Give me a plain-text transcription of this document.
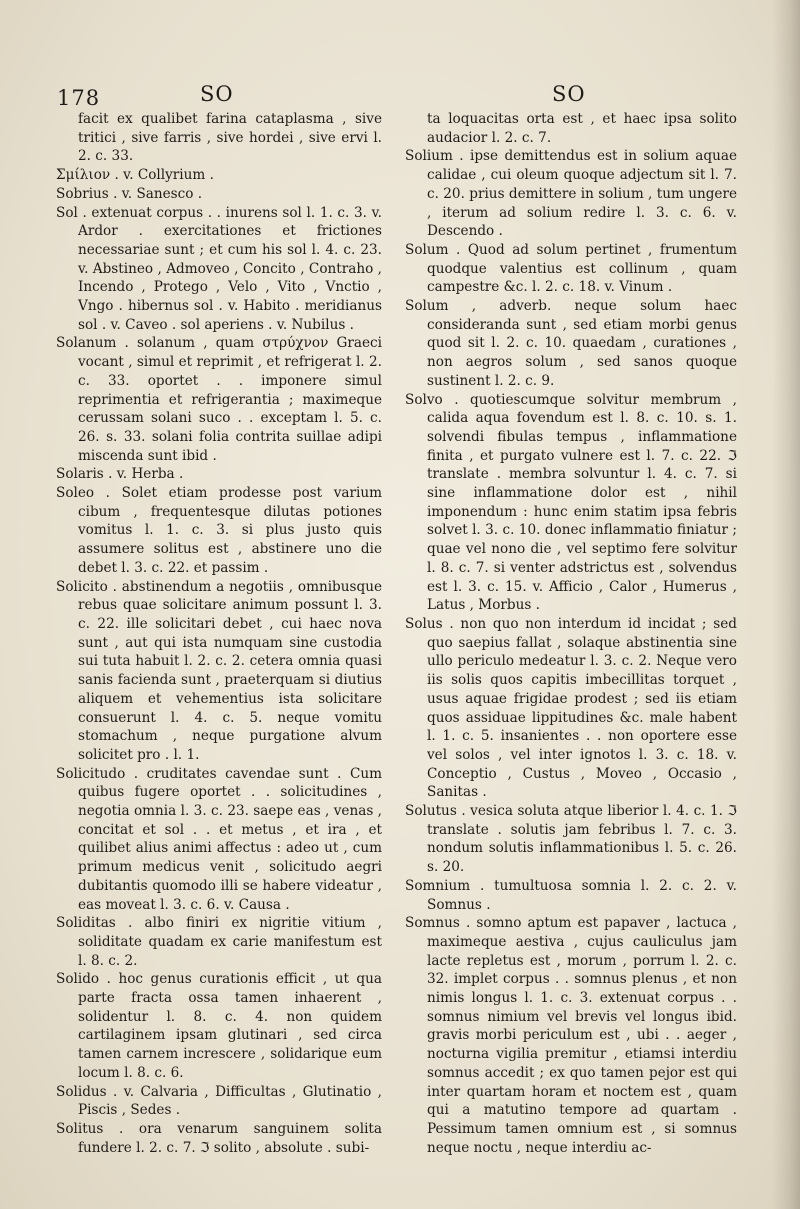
178	SO	SO
facit ex qualibet farina cataplasma , sive tritici , sive farris , sive hordei , sive ervi l. 2. c. 33.
Σμίλιον . v. Collyrium .
Sobrius . v. Sanesco .
Sol . extenuat corpus . . inurens sol l. 1. c. 3. v. Ardor . exercitationes et frictiones necessariae sunt ; et cum his sol l. 4. c. 23. v. Abstineo , Admoveo , Concito , Contraho , Incendo , Protego , Velo , Vito , Vnctio , Vngo . hibernus sol . v. Habito . meridianus sol . v. Caveo . sol aperiens . v. Nubilus .
Solanum . solanum , quam στρύχνον Graeci vocant , simul et reprimit , et refrigerat l. 2. c. 33. oportet . . imponere simul reprimentia et refrigerantia ; maximeque cerussam solani suco . . exceptam l. 5. c. 26. s. 33. solani folia contrita suillae adipi miscenda sunt ibid .
Solaris . v. Herba .
Soleo . Solet etiam prodesse post varium cibum , frequentesque dilutas potiones vomitus l. 1. c. 3. si plus justo quis assumere solitus est , abstinere uno die debet l. 3. c. 22. et passim .
Solicito . abstinendum a negotiis , omnibusque rebus quae solicitare animum possunt l. 3. c. 22. ille solicitari debet , cui haec nova sunt , aut qui ista numquam sine custodia sui tuta habuit l. 2. c. 2. cetera omnia quasi sanis facienda sunt , praeterquam si diutius aliquem et vehementius ista solicitare consuerunt l. 4. c. 5. neque vomitu stomachum , neque purgatione alvum solicitet pro . l. 1.
Solicitudo . cruditates cavendae sunt . Cum quibus fugere oportet . . solicitudines , negotia omnia l. 3. c. 23. saepe eas , venas , concitat et sol . . et metus , et ira , et quilibet alius animi affectus : adeo ut , cum primum medicus venit , solicitudo aegri dubitantis quomodo illi se habere videatur , eas moveat l. 3. c. 6. v. Causa .
Soliditas . albo finiri ex nigritie vitium , soliditate quadam ex carie manifestum est l. 8. c. 2.
Solido . hoc genus curationis efficit , ut qua parte fracta ossa tamen inhaerent , solidentur l. 8. c. 4. non quidem cartilaginem ipsam glutinari , sed circa tamen carnem increscere , solidarique eum locum l. 8. c. 6.
Solidus . v. Calvaria , Difficultas , Glutinatio , Piscis , Sedes .
Solitus . ora venarum sanguinem solita fundere l. 2. c. 7. ℑ solito , absolute . subi-
ta loquacitas orta est , et haec ipsa solito audacior l. 2. c. 7.
Solium . ipse demittendus est in solium aquae calidae , cui oleum quoque adjectum sit l. 7. c. 20. prius demittere in solium , tum ungere , iterum ad solium redire l. 3. c. 6. v. Descendo .
Solum . Quod ad solum pertinet , frumentum quodque valentius est collinum , quam campestre &c. l. 2. c. 18. v. Vinum .
Solum , adverb. neque solum haec consideranda sunt , sed etiam morbi genus quod sit l. 2. c. 10. quaedam , curationes , non aegros solum , sed sanos quoque sustinent l. 2. c. 9.
Solvo . quotiescumque solvitur membrum , calida aqua fovendum est l. 8. c. 10. s. 1. solvendi fibulas tempus , inflammatione finita , et purgato vulnere est l. 7. c. 22. ℑ translate . membra solvuntur l. 4. c. 7. si sine inflammatione dolor est , nihil imponendum : hunc enim statim ipsa febris solvet l. 3. c. 10. donec inflammatio finiatur ; quae vel nono die , vel septimo fere solvitur l. 8. c. 7. si venter adstrictus est , solvendus est l. 3. c. 15. v. Afficio , Calor , Humerus , Latus , Morbus .
Solus . non quo non interdum id incidat ; sed quo saepius fallat , solaque abstinentia sine ullo periculo medeatur l. 3. c. 2. Neque vero iis solis quos capitis imbecillitas torquet , usus aquae frigidae prodest ; sed iis etiam quos assiduae lippitudines &c. male habent l. 1. c. 5. insanientes . . non oportere esse vel solos , vel inter ignotos l. 3. c. 18. v. Conceptio , Custus , Moveo , Occasio , Sanitas .
Solutus . vesica soluta atque liberior l. 4. c. 1. ℑ translate . solutis jam febribus l. 7. c. 3. nondum solutis inflammationibus l. 5. c. 26. s. 20.
Somnium . tumultuosa somnia l. 2. c. 2. v. Somnus .
Somnus . somno aptum est papaver , lactuca , maximeque aestiva , cujus cauliculus jam lacte repletus est , morum , porrum l. 2. c. 32. implet corpus . . somnus plenus , et non nimis longus l. 1. c. 3. extenuat corpus . . somnus nimium vel brevis vel longus ibid. gravis morbi periculum est , ubi . . aeger , nocturna vigilia premitur , etiamsi interdiu somnus accedit ; ex quo tamen pejor est qui inter quartam horam et noctem est , quam qui a matutino tempore ad quartam . Pessimum tamen omnium est , si somnus neque noctu , neque interdiu ac-
